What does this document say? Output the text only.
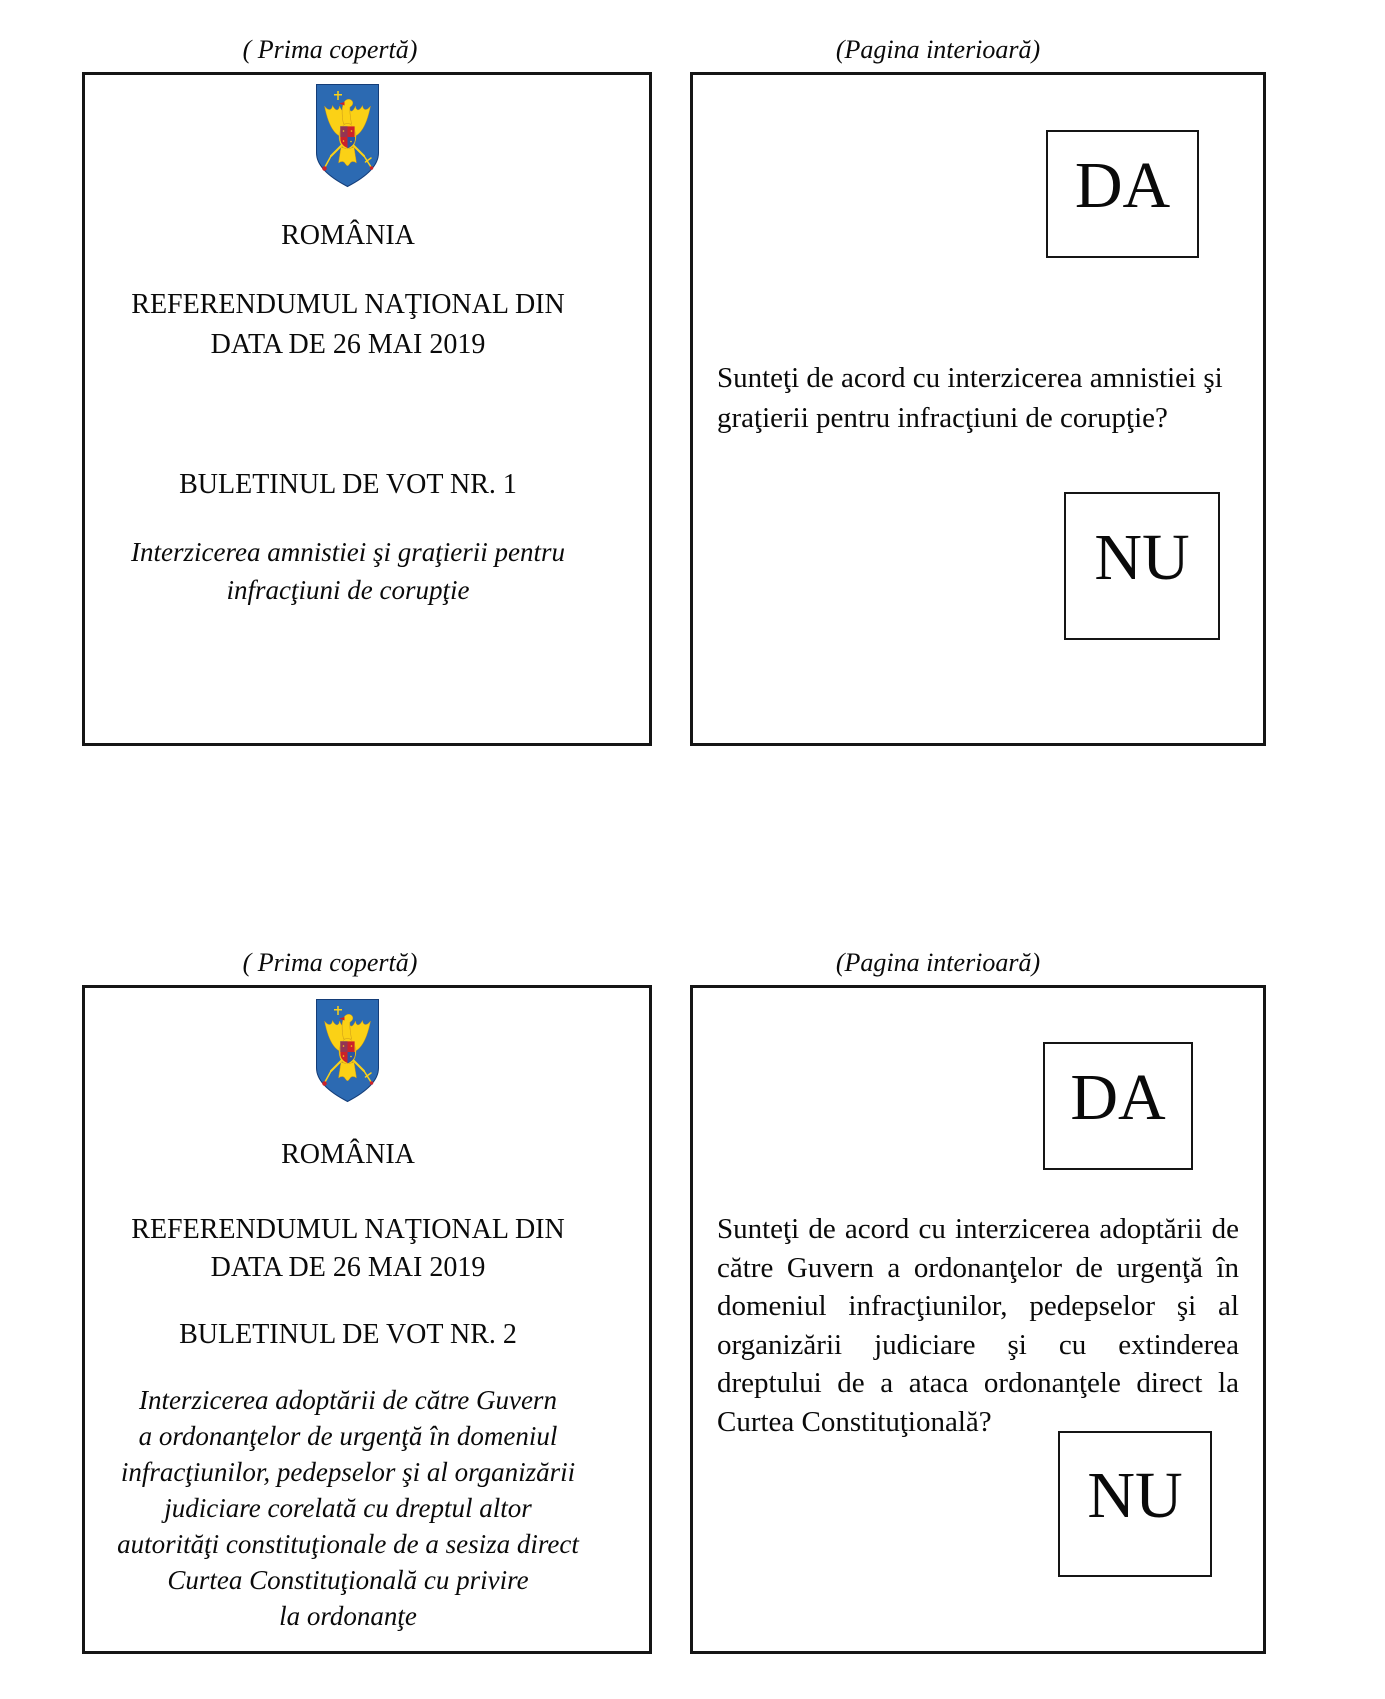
( Prima copertă)	(Pagina interioară)
( Prima copertă)	(Pagina interioară)
ROMÂNIA
REFERENDUMUL NAŢIONAL DIN
DATA DE 26 MAI 2019
BULETINUL DE VOT NR. 1
Interzicerea amnistiei şi graţierii pentru
infracţiuni de corupţie
DA
Sunteţi de acord cu interzicerea amnistiei şi
graţierii pentru infracţiuni de corupţie?
NU
ROMÂNIA
REFERENDUMUL NAŢIONAL DIN
DATA DE 26 MAI 2019
BULETINUL DE VOT NR. 2
Interzicerea adoptării de către Guvern
a ordonanţelor de urgenţă în domeniul
infracţiunilor, pedepselor şi al organizării
judiciare corelată cu dreptul altor
autorităţi constituţionale de a sesiza direct
Curtea Constituţională cu privire
la ordonanţe
DA
Sunteţi de acord cu interzicerea adoptării de
către Guvern a ordonanţelor de urgenţă în
domeniul infracţiunilor, pedepselor şi al
organizării judiciare şi cu extinderea
dreptului de a ataca ordonanţele direct la
Curtea Constituţională?
NU
